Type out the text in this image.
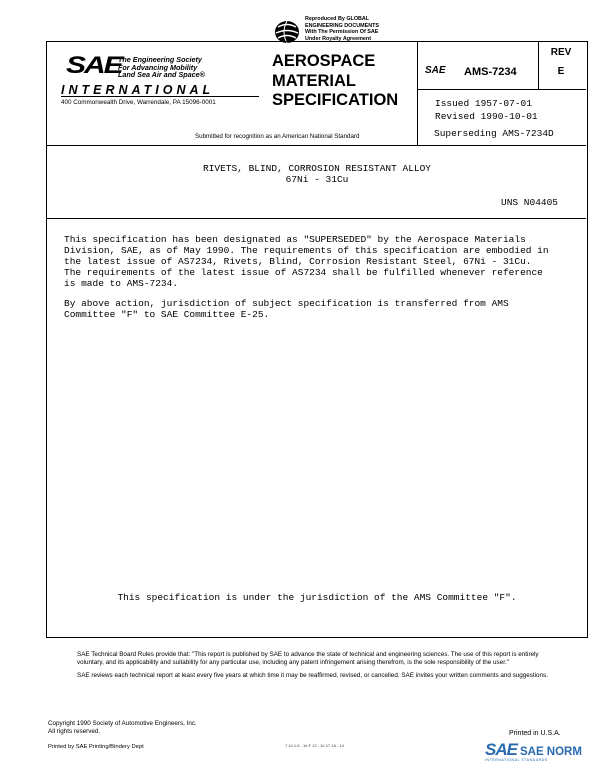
Reproduced By GLOBAL
ENGINEERING DOCUMENTS
With The Permission Of SAE
Under Royalty Agreement
SAE
The Engineering Society
For Advancing Mobility
Land Sea Air and Space®
INTERNATIONAL
400 Commonwealth Drive, Warrendale, PA 15096-0001
AEROSPACE
MATERIAL
SPECIFICATION
Submitted for recognition as an American National Standard
SAE AMS-7234
REV
E
Issued 1957-07-01
Revised 1990-10-01
Superseding AMS-7234D
RIVETS, BLIND, CORROSION RESISTANT ALLOY
67Ni - 31Cu
UNS N04405

This specification has been designated as "SUPERSEDED" by the Aerospace Materials Division, SAE, as of May 1990. The requirements of this specification are embodied in the latest issue of AS7234, Rivets, Blind, Corrosion Resistant Steel, 67Ni - 31Cu. The requirements of the latest issue of AS7234 shall be fulfilled whenever reference is made to AMS-7234.

By above action, jurisdiction of subject specification is transferred from AMS Committee "F" to SAE Committee E-25.

This specification is under the jurisdiction of the AMS Committee "F".

SAE Technical Board Rules provide that: "This report is published by SAE to advance the state of technical and engineering sciences. The use of this report is entirely voluntary, and its applicability and suitability for any particular use, including any patent infringement arising therefrom, is the sole responsibility of the user."

SAE reviews each technical report at least every five years at which time it may be reaffirmed, revised, or cancelled. SAE invites your written comments and suggestions.

Copyright 1990 Society of Automotive Engineers, Inc.
All rights reserved.	Printed in U.S.A.
Printed by SAE Printing/Bindery Dept	7.14.1.6 - 1e.F 12 - 1b 17 1A - 14	SAE SAE NORM
INTERNATIONAL STANDARDS
